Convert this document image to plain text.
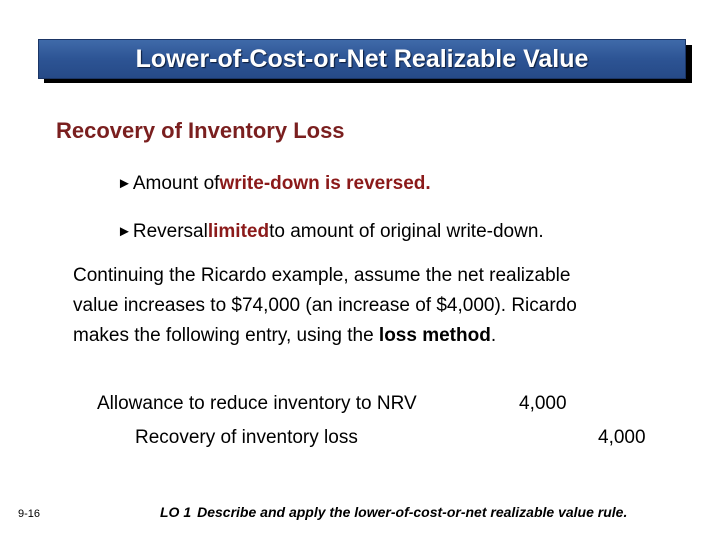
Lower-of-Cost-or-Net Realizable Value
Recovery of Inventory Loss
► Amount of write-down is reversed.
► Reversal limited to amount of original write-down.
Continuing the Ricardo example, assume the net realizable
value increases to $74,000 (an increase of $4,000). Ricardo
makes the following entry, using the loss method.
Allowance to reduce inventory to NRV	4,000
Recovery of inventory loss	4,000
9-16	LO 1 Describe and apply the lower-of-cost-or-net realizable value rule.
